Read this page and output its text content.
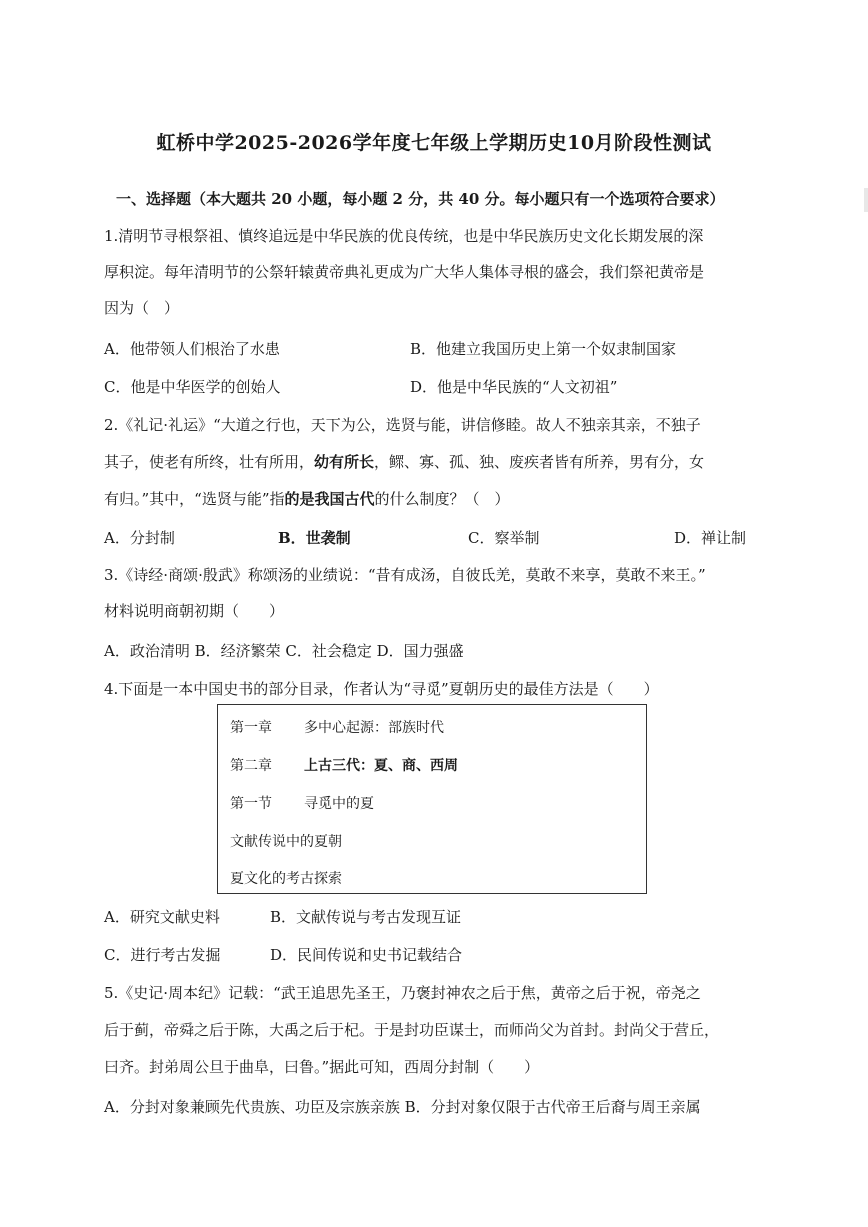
虹桥中学2025-2026学年度七年级上学期历史10月阶段性测试
一、选择题（本大题共 20 小题，每小题 2 分，共 40 分。每小题只有一个选项符合要求）
1.清明节寻根祭祖、慎终追远是中华民族的优良传统，也是中华民族历史文化长期发展的深
厚积淀。每年清明节的公祭轩辕黄帝典礼更成为广大华人集体寻根的盛会，我们祭祀黄帝是
因为（　）
A．他带领人们根治了水患	B．他建立我国历史上第一个奴隶制国家
C．他是中华医学的创始人	D．他是中华民族的“人文初祖”
2.《礼记·礼运》“大道之行也，天下为公，选贤与能，讲信修睦。故人不独亲其亲，不独子
其子，使老有所终，壮有所用，幼有所长，鳏、寡、孤、独、废疾者皆有所养，男有分，女
有归。”其中，“选贤与能”指的是我国古代的什么制度？（　）
A．分封制	B．世袭制	C．察举制	D．禅让制
3.《诗经·商颂·殷武》称颂汤的业绩说：“昔有成汤，自彼氐羌，莫敢不来享，莫敢不来王。”
材料说明商朝初期（　　）
A．政治清明 B．经济繁荣 C．社会稳定 D．国力强盛
4.下面是一本中国史书的部分目录，作者认为“寻觅”夏朝历史的最佳方法是（　　）
第一章 多中心起源：部族时代
第二章 上古三代：夏、商、西周
第一节 寻觅中的夏
文献传说中的夏朝
夏文化的考古探索
A．研究文献史料	B．文献传说与考古发现互证
C．进行考古发掘	D．民间传说和史书记载结合
5.《史记·周本纪》记载：“武王追思先圣王，乃褒封神农之后于焦，黄帝之后于祝，帝尧之
后于蓟，帝舜之后于陈，大禹之后于杞。于是封功臣谋士，而师尚父为首封。封尚父于营丘，
曰齐。封弟周公旦于曲阜，曰鲁。”据此可知，西周分封制（　　）
A．分封对象兼顾先代贵族、功臣及宗族亲族 B．分封对象仅限于古代帝王后裔与周王亲属
